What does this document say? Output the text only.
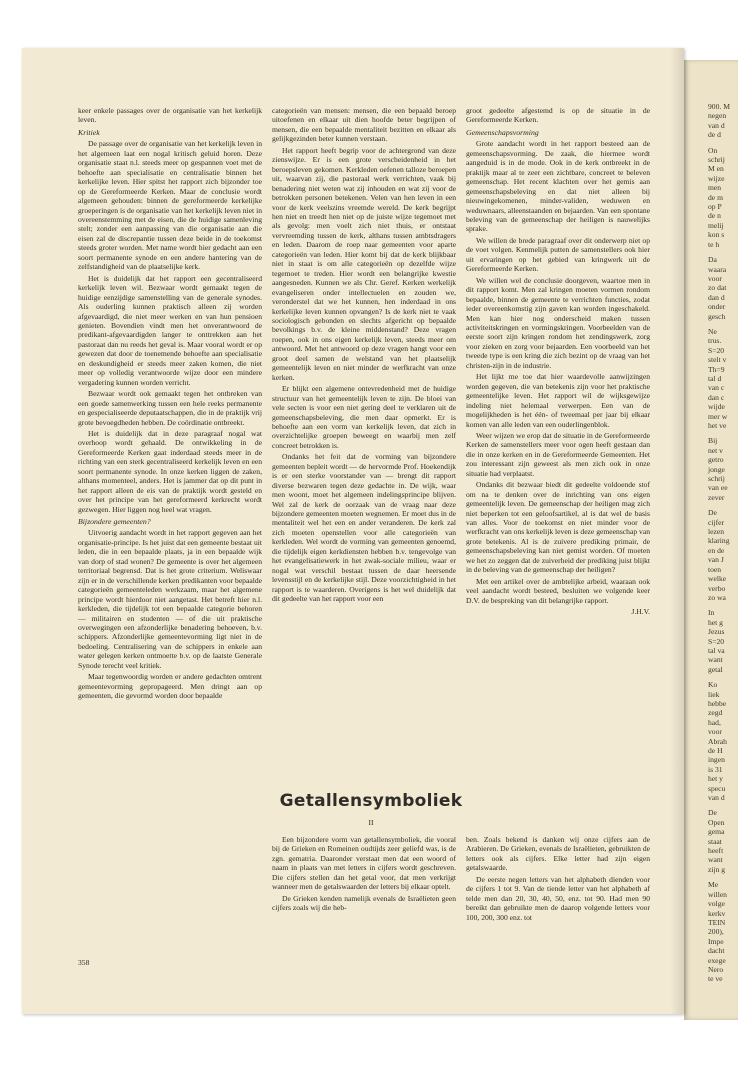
900. M
negen
van d
de d

On
schrij
M en
wijze
men
de m
op P
de n
melij
kon s
te h

Da
waara
voor
zo dat
dan d
onder
gesch

Ne
trus.
S=20
stelt v
Th=9
tal d
van c
dan c
wijde
mer w
het ve

Bij
net v
getro
jonge
schrij
van ee
zever

De
cijfer
lezen
klaring
en de
van J
toen
welke
verbo
zo wa

In
het g
Jezus
S=20
tal va
want
getal

Ko
liek
hebbe
zegd
had,
voor
Abrah
de H
ingen
is 31
het y
specu
van d

De
Open
gema
staat
heeft
want
zijn g

Me
willen
volge
kerkv
TEIN
200),
Impe
dacht
exege
Nero
te ve

keer enkele passages over de organisatie van het kerkelijk leven.

Kritiek

De passage over de organisatie van het kerkelijk leven in het algemeen laat een nogal kritisch geluid horen. Deze organisatie staat n.l. steeds meer op gespannen voet met de behoefte aan specialisatie en centralisatie binnen het kerkelijke leven. Hier spitst het rapport zich bijzonder toe op de Gereformeerde Kerken. Maar de conclusie wordt algemeen gehouden: binnen de gereformeerde kerkelijke groeperingen is de organisatie van het kerkelijk leven niet in overeenstemming met de eisen, die de huidige samenleving stelt; zonder een aanpassing van die organisatie aan die eisen zal de discrepantie tussen deze beide in de toekomst steeds groter worden. Met name wordt hier gedacht aan een soort permanente synode en een andere hantering van de zelfstandigheid van de plaatselijke kerk.

Het is duidelijk dat het rapport een gecentraliseerd kerkelijk leven wil. Bezwaar wordt gemaakt tegen de huidige eenzijdige samenstelling van de generale synodes. Als ouderling kunnen praktisch alleen zij worden afgevaardigd, die niet meer werken en van hun pensioen genieten. Bovendien vindt men het onverantwoord de predikant-afgevaardigden langer te onttrekken aan het pastoraat dan nu reeds het geval is. Maar vooral wordt er op gewezen dat door de toenemende behoefte aan specialisatie en deskundigheid er steeds meer zaken komen, die niet meer op volledig verantwoorde wijze door een mindere vergadering kunnen worden verricht.

Bezwaar wordt ook gemaakt tegen het ontbreken van een goede samenwerking tussen een hele reeks permanente en gespecialiseerde deputaatschappen, die in de praktijk vrij grote bevoegdheden hebben. De coördinatie ontbreekt.

Het is duidelijk dat in deze paragraaf nogal wat overhoop wordt gehaald. De ontwikkeling in de Gereformeerde Kerken gaat inderdaad steeds meer in de richting van een sterk gecentraliseerd kerkelijk leven en een soort permanente synode. In onze kerken liggen de zaken, althans momenteel, anders. Het is jammer dat op dit punt in het rapport alleen de eis van de praktijk wordt gesteld en over het principe van het gereformeerd kerkrecht wordt gezwegen. Hier liggen nog heel wat vragen.

Bijzondere gemeenten?

Uitvoerig aandacht wordt in het rapport gegeven aan het organisatie-principe. Is het juist dat een gemeente bestaat uit leden, die in een bepaalde plaats, ja in een bepaalde wijk van dorp of stad wonen? De gemeente is over het algemeen territoriaal begrensd. Dat is het grote criterium. Weliswaar zijn er in de verschillende kerken predikanten voor bepaalde categorieën gemeenteleden werkzaam, maar het algemene principe wordt hierdoor niet aangetast. Het betreft hier n.l. kerkleden, die tijdelijk tot een bepaalde categorie behoren — militairen en studenten — of die uit praktische overwegingen een afzonderlijke benadering behoeven, b.v. schippers. Afzonderlijke gemeentevorming ligt niet in de bedoeling. Centralisering van de schippers in enkele aan water gelegen kerken ontmoette b.v. op de laatste Generale Synode terecht veel kritiek.

Maar tegenwoordig worden er andere gedachten omtrent gemeentevorming gepropageerd. Men dringt aan op gemeenten, die gevormd worden door bepaalde

categorieën van mensen: mensen, die een bepaald beroep uitoefenen en elkaar uit dien hoofde beter begrijpen of mensen, die een bepaalde mentaliteit bezitten en elkaar als gelijkgezinden beter kunnen verstaan.

Het rapport heeft begrip voor de achtergrond van deze zienswijze. Er is een grote verscheidenheid in het beroepsleven gekomen. Kerkleden oefenen talloze beroepen uit, waarvan zij, die pastoraal werk verrichten, vaak bij benadering niet weten wat zij inhouden en wat zij voor de betrokken personen betekenen. Velen van hen leven in een voor de kerk veelszins vreemde wereld. De kerk begrijpt hen niet en treedt hen niet op de juiste wijze tegemoet met als gevolg: men voelt zich niet thuis, er ontstaat vervreemding tussen de kerk, althans tussen ambtsdragers en leden. Daarom de roep naar gemeenten voor aparte categorieën van leden. Hier komt bij dat de kerk blijkbaar niet in staat is om alle categorieën op dezelfde wijze tegemoet te treden. Hier wordt een belangrijke kwestie aangesneden. Kunnen we als Chr. Geref. Kerken werkelijk evangeliseren onder intellectuelen en zouden we, veronderstel dat we het kunnen, hen inderdaad in ons kerkelijke leven kunnen opvangen? Is de kerk niet te vaak sociologisch gebonden en slechts afgericht op bepaalde bevolkings b.v. de kleine middenstand? Deze vragen roepen, ook in ons eigen kerkelijk leven, steeds meer om antwoord. Met het antwoord op deze vragen hangt voor een groot deel samen de welstand van het plaatselijk gemeentelijk leven en niet minder de werfkracht van onze kerken.

Er blijkt een algemene ontevredenheid met de huidige structuur van het gemeentelijk leven te zijn. De bloei van vele secten is voor een niet gering deel te verklaren uit de gemeenschapsbeleving, die men daar opmerkt. Er is behoefte aan een vorm van kerkelijk leven, dat zich in overzichtelijke groepen beweegt en waarbij men zelf concreet betrokken is.

Ondanks het feit dat de vorming van bijzondere gemeenten bepleit wordt — de hervormde Prof. Hoekendijk is er een sterke voorstander van — brengt dit rapport diverse bezwaren tegen deze gedachte in. De wijk, waar men woont, moet het algemeen indelingsprincipe blijven. Wel zal de kerk de oorzaak van de vraag naar deze bijzondere gemeenten moeten wegnemen. Er moet dus in de mentaliteit wel het een en ander veranderen. De kerk zal zich moeten openstellen voor alle categorieën van kerkleden. Wel wordt de vorming van gemeenten genoemd, die tijdelijk eigen kerkdiensten hebben b.v. tengevolge van het evangelisatiewerk in het zwak-sociale milieu, waar er nogal wat verschil bestaat tussen de daar heersende levensstijl en de kerkelijke stijl. Deze voorzichtigheid in het rapport is te waarderen. Overigens is het wel duidelijk dat dit gedeelte van het rapport voor een

groot gedeelte afgestemd is op de situatie in de Gereformeerde Kerken.

Gemeenschapsvorming

Grote aandacht wordt in het rapport besteed aan de gemeenschapsvorming. De zaak, die hiermee wordt aangeduid is in de mode. Ook in de kerk ontbreekt in de praktijk maar al te zeer een zichtbare, concreet te beleven gemeenschap. Het recent klachten over het gemis aan gemeenschapsbeleving en dat niet alleen bij nieuwingekomenen, minder-validen, weduwen en weduwnaars, alleenstaanden en bejaarden. Van een spontane beleving van de gemeenschap der heiligen is nauwelijks sprake.

We willen de brede paragraaf over dit onderwerp niet op de voet volgen. Kenmelijk putten de samenstellers ook hier uit ervaringen op het gebied van kringwerk uit de Gereformeerde Kerken.

We willen wel de conclusie doorgeven, waartoe men in dit rapport komt. Men zal kringen moeten vormen rondom bepaalde, binnen de gemeente te verrichten functies, zodat ieder overeenkomstig zijn gaven kan worden ingeschakeld. Men kan hier nog onderscheid maken tussen activiteitskringen en vormingskringen. Voorbeelden van de eerste soort zijn kringen rondom het zendingswerk, zorg voor zieken en zorg voor bejaarden. Een voorbeeld van het tweede type is een kring die zich bezint op de vraag van het christen-zijn in de industrie.

Het lijkt me toe dat hier waardevolle aanwijzingen worden gegeven, die van betekenis zijn voor het praktische gemeentelijke leven. Het rapport wil de wijksgewijze indeling niet helemaal verwerpen. Een van de mogelijkheden is het één- of tweemaal per jaar bij elkaar komen van alle leden van een ouderlingenblok.

Weer wijzen we erop dat de situatie in de Gereformeerde Kerken de samenstellers meer voor ogen heeft gestaan dan die in onze kerken en in de Gereformeerde Gemeenten. Het zou interessant zijn geweest als men zich ook in onze situatie had verplaatst.

Ondanks dit bezwaar biedt dit gedeelte voldoende stof om na te denken over de inrichting van ons eigen gemeentelijk leven. De gemeenschap der heiligen mag zich niet beperken tot een geloofsartikel, al is dat wel de basis van alles. Voor de toekomst en niet minder voor de werfkracht van ons kerkelijk leven is deze gemeenschap van grote betekenis. Al is de zuivere prediking primair, de gemeenschapsbeleving kan niet gemist worden. Of moeten we het zo zeggen dat de zuiverheid der prediking juist blijkt in de beleving van de gemeenschap der heiligen?

Met een artikel over de ambtelijke arbeid, waaraan ook veel aandacht wordt besteed, besluiten we volgende keer D.V. de bespreking van dit belangrijke rapport.

J.H.V.

Getallensymboliek
II

Een bijzondere vorm van getallensymboliek, die vooral bij de Grieken en Romeinen oudtijds zeer geliefd was, is de zgn. gematria. Daaronder verstaat men dat een woord of naam in plaats van met letters in cijfers wordt geschreven. Die cijfers stellen dan het getal voor, dat men verkrijgt wanneer men de getalswaarden der letters bij elkaar optelt.

De Grieken kenden namelijk evenals de Israëlieten geen cijfers zoals wij die heb-

ben. Zoals bekend is danken wij onze cijfers aan de Arabieren. De Grieken, evenals de Israëlieten, gebruikten de letters ook als cijfers. Elke letter had zijn eigen getalswaarde.

De eerste negen letters van het alphabeth dienden voor de cijfers 1 tot 9. Van de tiende letter van het alphabeth af telde men dan 20, 30, 40, 50, enz. tot 90. Had men 90 bereikt dan gebruikte men de daarop volgende letters voor 100, 200, 300 enz. tot

358
